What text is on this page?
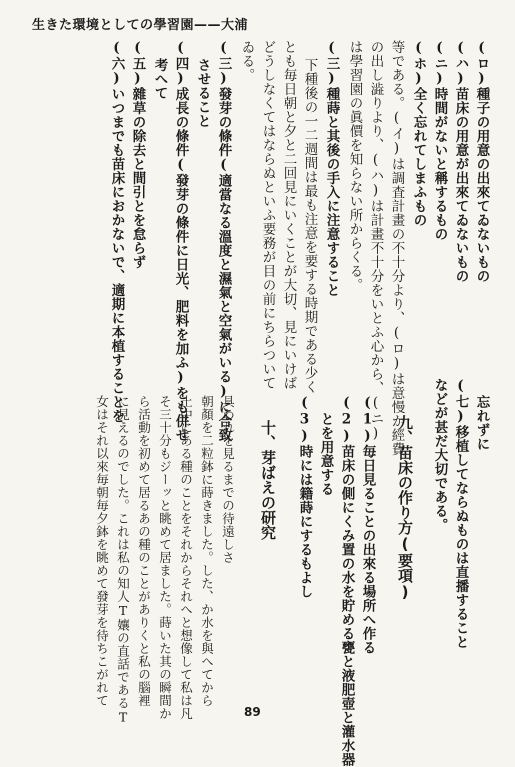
生きた環境としての學習園——大浦
(ロ)種子の用意の出來てゐないもの
(ハ)苗床の用意が出來てゐないもの
(ニ)時間がないと稱するもの
(ホ)全く忘れてしまふもの
等である。(イ)は調査計畫の不十分より、(ロ)は意慢か經費
の出し澁りより、(ハ)は計畫不十分をいとふ心から、(ニ)
は學習園の眞價を知らない所からくる。
(三)種蒔と其後の手入に注意すること
下種後の一二週間は最も注意を要する時期である少く
とも毎日朝と夕と二回見にいくことが大切、見にいけば
どうしなくてはならぬといふ要務が目の前にちらついて
ゐる。
(三)發芽の條件(適當なる溫度と濕氣と空氣がいる)に合致
させること
(四)成長の條件(發芽の條件に日光、肥料を加ふ)をも併せ
考へて
(五)雜草の除去と間引とを怠らず
(六)いつまでも苗床におかないで、適期に本植することを	忘れずに
(七)移植してならぬものは直播すること
などが甚だ大切である。
九、苗床の作り方(要項)
(1)毎日見ることの出來る場所へ作る
(2)苗床の側にくみ置の水を貯める甕と液肥壺と灌水器
とを用意する
(3)時には籍蒔にするもよし
十、芽ばえの研究
具われを見るまでの待遠しさ
朝顏を二粒鉢に蒔きました。した、か水を與へてから
土中にある種のことをそれからそれへと想像して私は凡
そ三十分もジーッと眺めて居ました。蒔いた其の瞬間か
ら活動を初めて居るあの種のことがありくと私の腦裡
に見えるのでした。これは私の知人T孃の直話であるT
女はそれ以來毎朝毎夕鉢を眺めて發芽を待ちこがれて
89
